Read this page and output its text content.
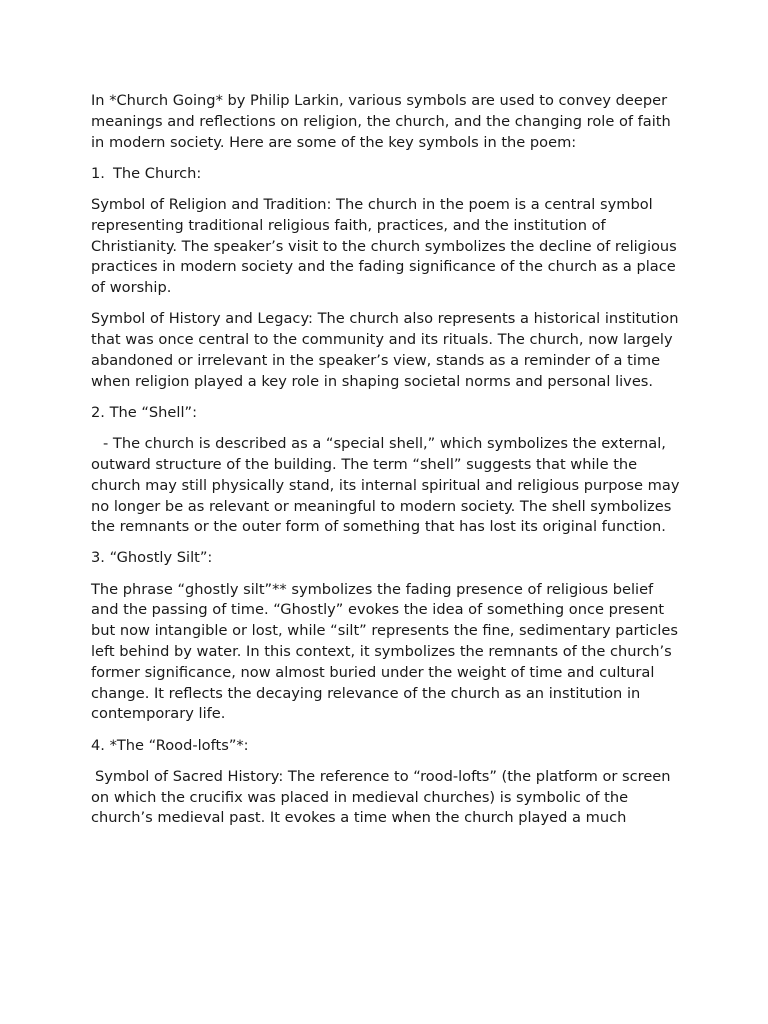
In *Church Going* by Philip Larkin, various symbols are used to convey deeper meanings and reflections on religion, the church, and the changing role of faith in modern society. Here are some of the key symbols in the poem:

1. The Church:

Symbol of Religion and Tradition: The church in the poem is a central symbol representing traditional religious faith, practices, and the institution of Christianity. The speaker’s visit to the church symbolizes the decline of religious practices in modern society and the fading significance of the church as a place of worship.

Symbol of History and Legacy: The church also represents a historical institution that was once central to the community and its rituals. The church, now largely abandoned or irrelevant in the speaker’s view, stands as a reminder of a time when religion played a key role in shaping societal norms and personal lives.

2. The “Shell”:

- The church is described as a “special shell,” which symbolizes the external, outward structure of the building. The term “shell” suggests that while the church may still physically stand, its internal spiritual and religious purpose may no longer be as relevant or meaningful to modern society. The shell symbolizes the remnants or the outer form of something that has lost its original function.

3. “Ghostly Silt”:

The phrase “ghostly silt”** symbolizes the fading presence of religious belief and the passing of time. “Ghostly” evokes the idea of something once present but now intangible or lost, while “silt” represents the fine, sedimentary particles left behind by water. In this context, it symbolizes the remnants of the church’s former significance, now almost buried under the weight of time and cultural change. It reflects the decaying relevance of the church as an institution in contemporary life.

4. *The “Rood-lofts”*:

Symbol of Sacred History: The reference to “rood-lofts” (the platform or screen on which the crucifix was placed in medieval churches) is symbolic of the church’s medieval past. It evokes a time when the church played a much
